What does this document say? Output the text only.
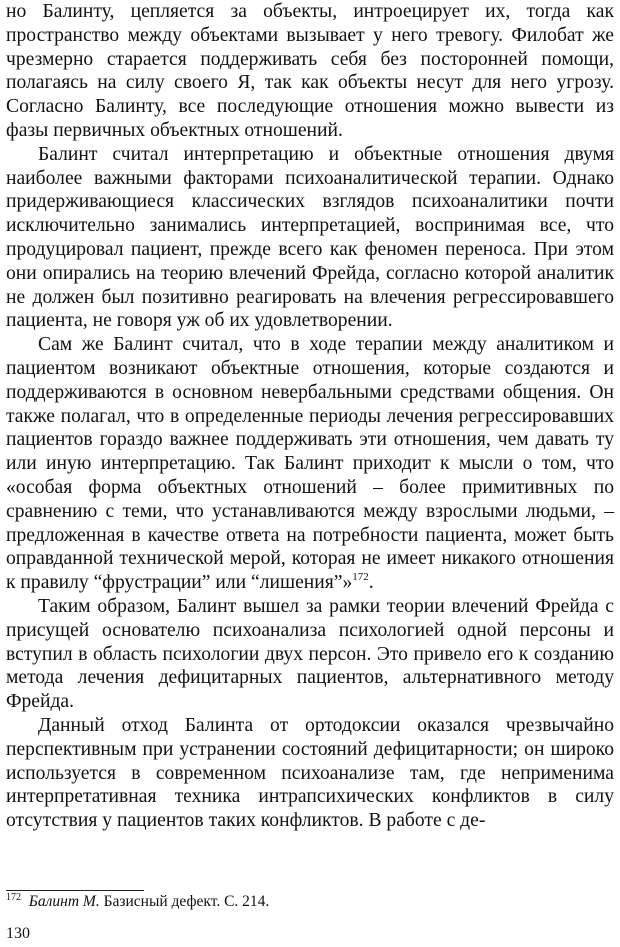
но Балинту, цепляется за объекты, интроецирует их, тогда как пространство между объектами вызывает у него тревогу. Филобат же чрезмерно старается поддерживать себя без посторонней помощи, полагаясь на силу своего Я, так как объекты несут для него угрозу. Согласно Балинту, все последующие отношения можно вывести из фазы первичных объектных отношений.

Балинт считал интерпретацию и объектные отношения двумя наиболее важными факторами психоаналитической терапии. Однако придерживающиеся классических взглядов психоаналитики почти исключительно занимались интерпретацией, воспринимая все, что продуцировал пациент, прежде всего как феномен переноса. При этом они опирались на теорию влечений Фрейда, согласно которой аналитик не должен был позитивно реагировать на влечения регрессировавшего пациента, не говоря уж об их удовлетворении.

Сам же Балинт считал, что в ходе терапии между аналитиком и пациентом возникают объектные отношения, которые создаются и поддерживаются в основном невербальными средствами общения. Он также полагал, что в определенные периоды лечения регрессировавших пациентов гораздо важнее поддерживать эти отношения, чем давать ту или иную интерпретацию. Так Балинт приходит к мысли о том, что «особая форма объектных отношений – более примитивных по сравнению с теми, что устанавливаются между взрослыми людьми, – предложенная в качестве ответа на потребности пациента, может быть оправданной технической мерой, которая не имеет никакого отношения к правилу “фрустрации” или “лишения”»$^{172}$.

Таким образом, Балинт вышел за рамки теории влечений Фрейда с присущей основателю психоанализа психологией одной персоны и вступил в область психологии двух персон. Это привело его к созданию метода лечения дефицитарных пациентов, альтернативного методу Фрейда.

Данный отход Балинта от ортодоксии оказался чрезвычайно перспективным при устранении состояний дефицитарности; он широко используется в современном психоанализе там, где неприменима интерпретативная техника интрапсихических конфликтов в силу отсутствия у пациентов таких конфликтов. В работе с де-

$^{172}$ Балинт М. Базисный дефект. С. 214.
130
